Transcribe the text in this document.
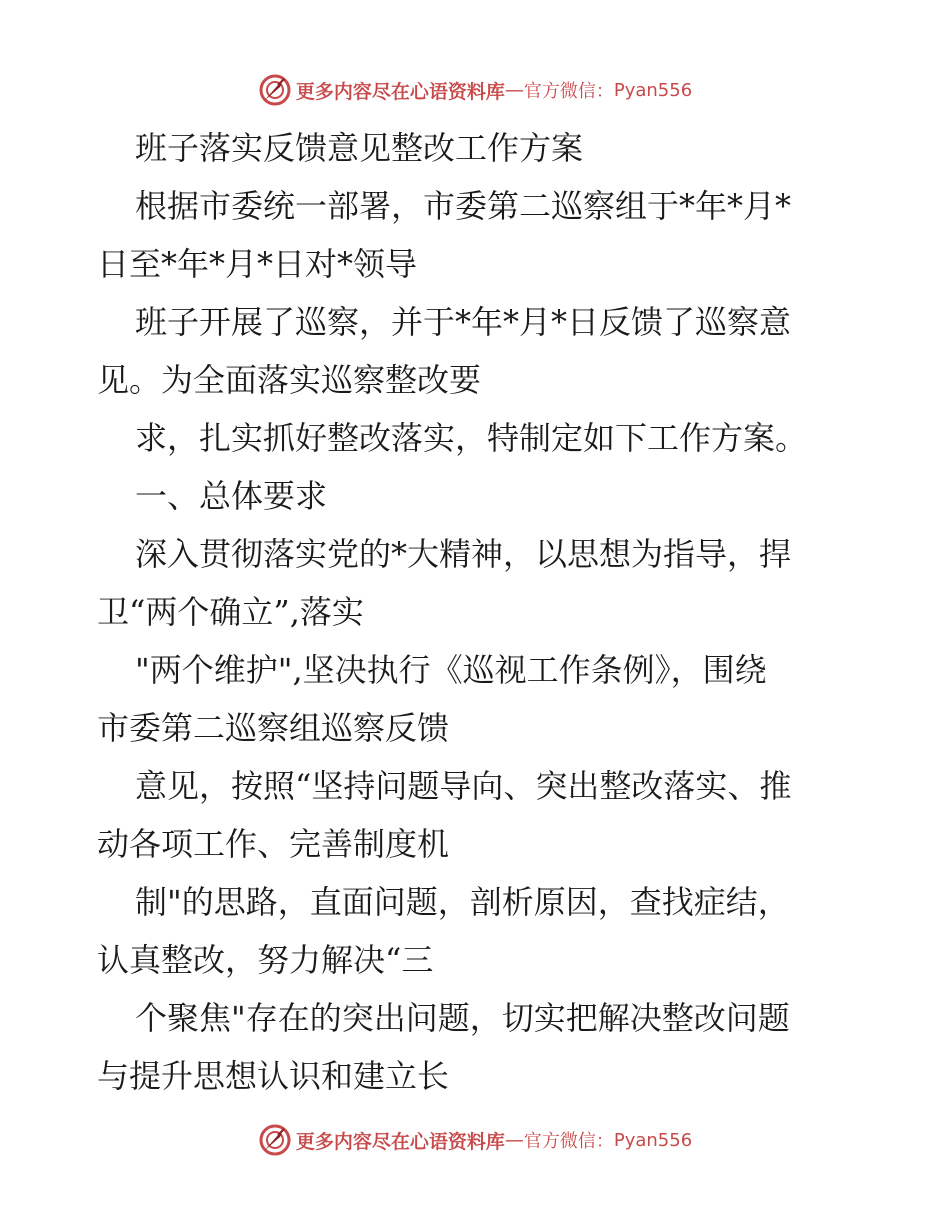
更多内容尽在心语资料库 — 官方微信： Pyan556
班子落实反馈意见整改工作方案
根据市委统一部署，市委第二巡察组于*年*月*
日至*年*月*日对*领导
班子开展了巡察，并于*年*月*日反馈了巡察意
见。为全面落实巡察整改要
求，扎实抓好整改落实，特制定如下工作方案。
一、总体要求
深入贯彻落实党的*大精神，以思想为指导，捍
卫“两个确立”,落实
"两个维护",坚决执行《巡视工作条例》，围绕
市委第二巡察组巡察反馈
意见，按照“坚持问题导向、突出整改落实、推
动各项工作、完善制度机
制"的思路，直面问题，剖析原因，查找症结，
认真整改，努力解决“三
个聚焦"存在的突出问题，切实把解决整改问题
与提升思想认识和建立长
更多内容尽在心语资料库 — 官方微信： Pyan556
